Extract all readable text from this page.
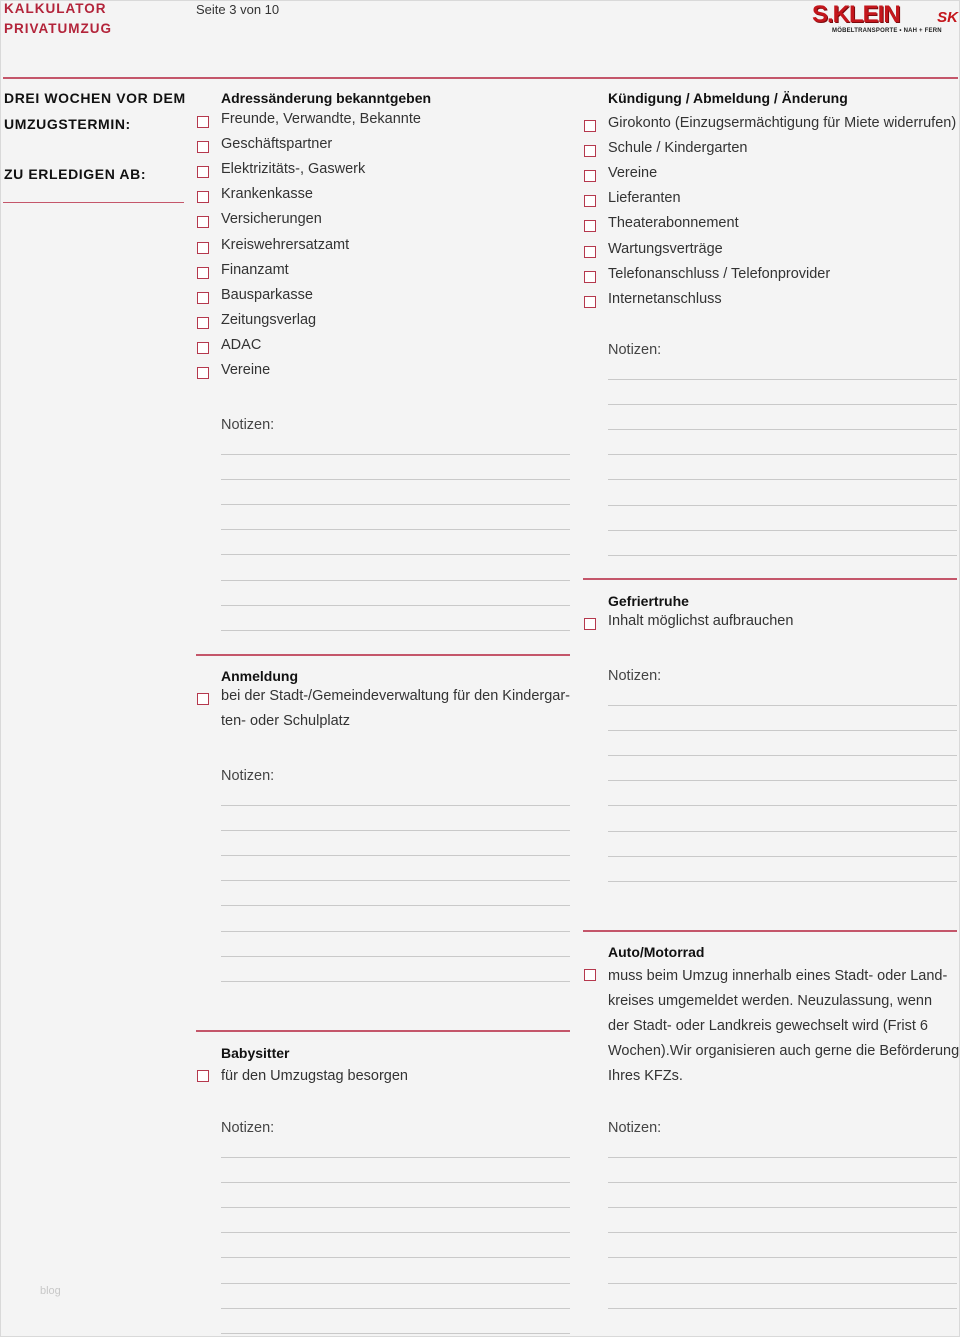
KALKULATOR
PRIVATUMZUG
Seite 3 von 10	S.KLEIN SK
MÖBELTRANSPORTE • NAH + FERN
DREI WOCHEN VOR DEM
UMZUGSTERMIN:
ZU ERLEDIGEN AB:
Adressänderung bekanntgeben
Freunde, Verwandte, Bekannte
Geschäftspartner
Elektrizitäts-, Gaswerk
Krankenkasse
Versicherungen
Kreiswehrersatzamt
Finanzamt
Bausparkasse
Zeitungsverlag
ADAC
Vereine
Notizen:
Kündigung / Abmeldung / Änderung
Girokonto (Einzugsermächtigung für Miete widerrufen)
Schule / Kindergarten
Vereine
Lieferanten
Theaterabonnement
Wartungsverträge
Telefonanschluss / Telefonprovider
Internetanschluss
Notizen:
Gefriertruhe
Inhalt möglichst aufbrauchen
Notizen:
Anmeldung
bei der Stadt-/Gemeindeverwaltung für den Kindergar-
ten- oder Schulplatz
Notizen:
Auto/Motorrad
muss beim Umzug innerhalb eines Stadt- oder Land-
kreises umgemeldet werden. Neuzulassung, wenn
der Stadt- oder Landkreis gewechselt wird (Frist 6
Wochen).Wir organisieren auch gerne die Beförderung
Ihres KFZs.
Notizen:
Babysitter
für den Umzugstag besorgen
Notizen:
blog
